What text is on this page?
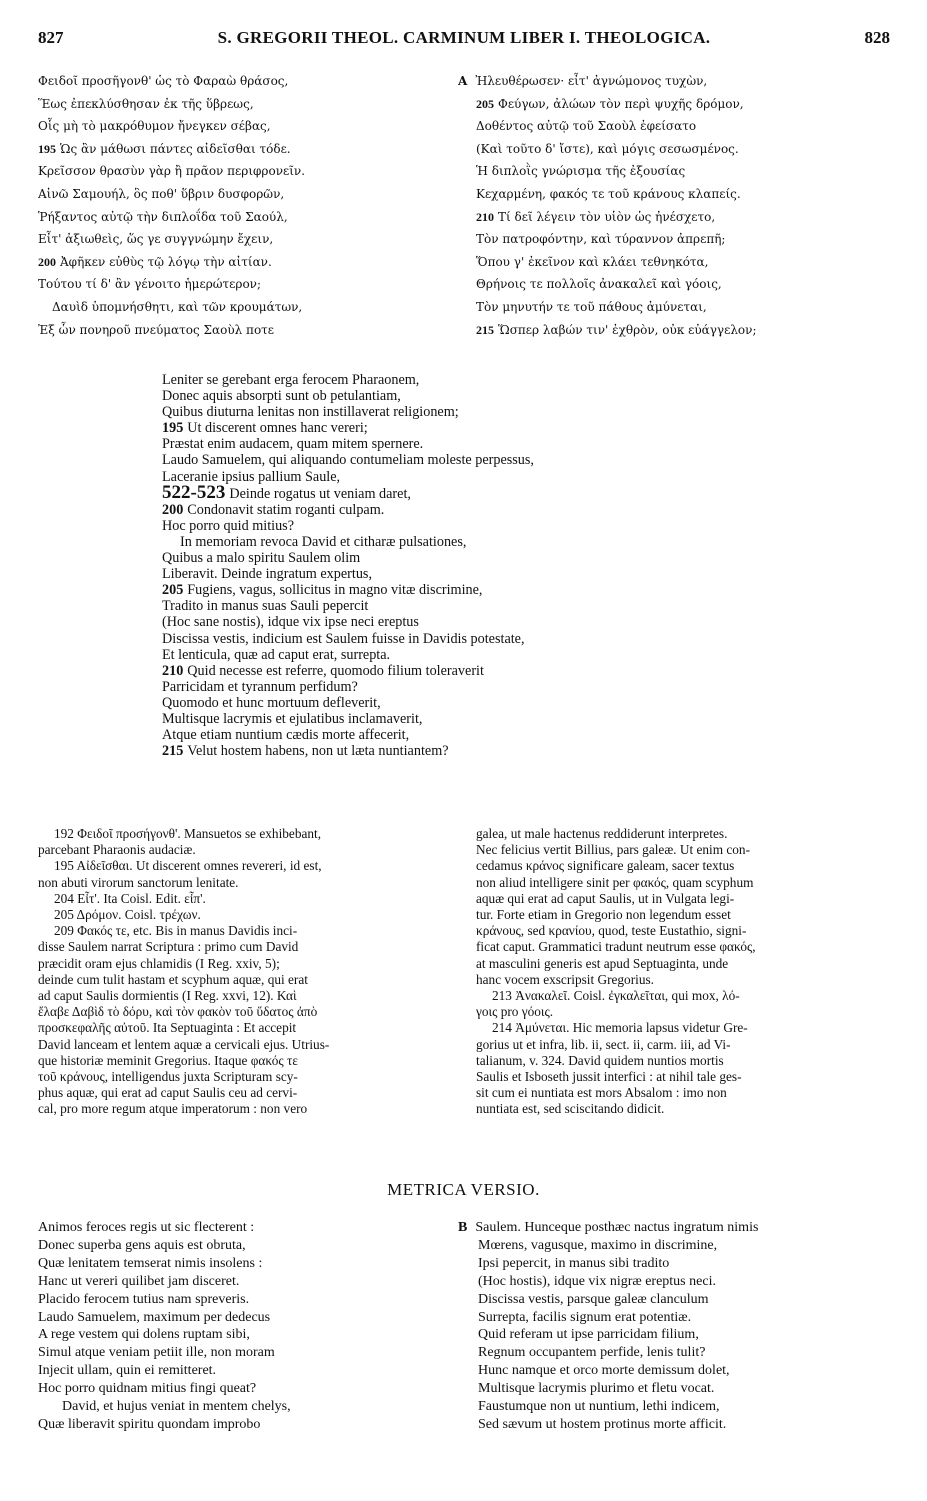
827	S. GREGORII THEOL. CARMINUM LIBER I. THEOLOGICA.	828
Φειδοῖ προσῆγονθ' ὡς τὸ Φαραὼ θράσος,
Ἕως ἐπεκλύσθησαν ἐκ τῆς ὕβρεως,
Οἷς μὴ τὸ μακρόθυμον ἤνεγκεν σέβας,
195 Ὡς ἂν μάθωσι πάντες αἰδεῖσθαι τόδε.
Κρεῖσσον θρασὺν γὰρ ἢ πρᾶον περιφρονεῖν.
Αἰνῶ Σαμουήλ, ὃς ποθ' ὕβριν δυσφορῶν,
Ῥήξαντος αὐτῷ τὴν διπλοΐδα τοῦ Σαούλ,
Εἶτ' ἀξιωθεὶς, ὥς γε συγγνώμην ἔχειν,
200 Ἀφῆκεν εὐθὺς τῷ λόγῳ τὴν αἰτίαν.
Τούτου τί δ' ἂν γένοιτο ἡμερώτερον;
Δαυὶδ ὑπομνήσθητι, καὶ τῶν κρουμάτων,
Ἐξ ὧν πονηροῦ πνεύματος Σαοὺλ ποτε
A Ἠλευθέρωσεν· εἶτ' ἀγνώμονος τυχὼν,
205 Φεύγων, ἀλώων τὸν περὶ ψυχῆς δρόμον,
Δοθέντος αὐτῷ τοῦ Σαοὺλ ἐφείσατο
(Καὶ τοῦτο δ' ἴστε), καὶ μόγις σεσωσμένος.
Ἡ διπλοῒς γνώρισμα τῆς ἐξουσίας
Κεχαρμένη, φακός τε τοῦ κράνους κλαπείς.
210 Τί δεῖ λέγειν τὸν υἱὸν ὡς ἠνέσχετο,
Τὸν πατροφόντην, καὶ τύραννον ἀπρεπῆ;
Ὅπου γ' ἐκεῖνον καὶ κλάει τεθνηκότα,
Θρήνοις τε πολλοῖς ἀνακαλεῖ καὶ γόοις,
Τὸν μηνυτήν τε τοῦ πάθους ἀμύνεται,
215 Ὥσπερ λαβών τιν' ἐχθρὸν, οὐκ εὐάγγελον;
Leniter se gerebant erga ferocem Pharaonem,
Donec aquis absorpti sunt ob petulantiam,
Quibus diuturna lenitas non instillaverat religionem;
195 Ut discerent omnes hanc vereri;
Præstat enim audacem, quam mitem spernere.
Laudo Samuelem, qui aliquando contumeliam moleste perpessus,
Laceranie ipsius pallium Saule,
522-523 Deinde rogatus ut veniam daret,
200 Condonavit statim roganti culpam.
Hoc porro quid mitius?
In memoriam revoca David et citharæ pulsationes,
Quibus a malo spiritu Saulem olim
Liberavit. Deinde ingratum expertus,
205 Fugiens, vagus, sollicitus in magno vitæ discrimine,
Tradito in manus suas Sauli pepercit
(Hoc sane nostis), idque vix ipse neci ereptus
Discissa vestis, indicium est Saulem fuisse in Davidis potestate,
Et lenticula, quæ ad caput erat, surrepta.
210 Quid necesse est referre, quomodo filium toleraverit
Parricidam et tyrannum perfidum?
Quomodo et hunc mortuum defleverit,
Multisque lacrymis et ejulatibus inclamaverit,
Atque etiam nuntium cædis morte affecerit,
215 Velut hostem habens, non ut læta nuntiantem?
192 Φειδοῖ προσήγονθ'. Mansuetos se exhibebant,
parcebant Pharaonis audaciæ.
195 Αἰδεῖσθαι. Ut discerent omnes revereri, id est,
non abuti virorum sanctorum lenitate.
204 Εἶτ'. Ita Coisl. Edit. εἶπ'.
205 Δρόμον. Coisl. τρέχων.
209 Φακός τε, etc. Bis in manus Davidis inci-
disse Saulem narrat Scriptura : primo cum David
præcidit oram ejus chlamidis (I Reg. xxiv, 5);
deinde cum tulit hastam et scyphum aquæ, qui erat
ad caput Saulis dormientis (I Reg. xxvi, 12). Καὶ
ἔλαβε Δαβὶδ τὸ δόρυ, καὶ τὸν φακὸν τοῦ ὕδατος ἀπὸ
προσκεφαλῆς αὐτοῦ. Ita Septuaginta : Et accepit
David lanceam et lentem aquæ a cervicali ejus. Utrius-
que historiæ meminit Gregorius. Itaque φακός τε
τοῦ κράνους, intelligendus juxta Scripturam scy-
phus aquæ, qui erat ad caput Saulis ceu ad cervi-
cal, pro more regum atque imperatorum : non vero
galea, ut male hactenus reddiderunt interpretes.
Nec felicius vertit Billius, pars galeæ. Ut enim con-
cedamus κράνος significare galeam, sacer textus
non aliud intelligere sinit per φακός, quam scyphum
aquæ qui erat ad caput Saulis, ut in Vulgata legi-
tur. Forte etiam in Gregorio non legendum esset
κράνους, sed κρανίου, quod, teste Eustathio, signi-
ficat caput. Grammatici tradunt neutrum esse φακός,
at masculini generis est apud Septuaginta, unde
hanc vocem exscripsit Gregorius.
213 Ἀνακαλεῖ. Coisl. ἐγκαλεῖται, qui mox, λό-
γοις pro γόοις.
214 Ἀμύνεται. Hic memoria lapsus videtur Gre-
gorius ut et infra, lib. ii, sect. ii, carm. iii, ad Vi-
talianum, v. 324. David quidem nuntios mortis
Saulis et Isboseth jussit interfici : at nihil tale ges-
sit cum ei nuntiata est mors Absalom : imo non
nuntiata est, sed sciscitando didicit.
METRICA VERSIO.
Animos feroces regis ut sic flecterent :
Donec superba gens aquis est obruta,
Quæ lenitatem temserat nimis insolens :
Hanc ut vereri quilibet jam disceret.
Placido ferocem tutius nam spreveris.
Laudo Samuelem, maximum per dedecus
A rege vestem qui dolens ruptam sibi,
Simul atque veniam petiit ille, non moram
Injecit ullam, quin ei remitteret.
Hoc porro quidnam mitius fingi queat?
David, et hujus veniat in mentem chelys,
Quæ liberavit spiritu quondam improbo
B Saulem. Hunceque posthæc nactus ingratum nimis
Mœrens, vagusque, maximo in discrimine,
Ipsi pepercit, in manus sibi tradito
(Hoc hostis), idque vix nigræ ereptus neci.
Discissa vestis, parsque galeæ clanculum
Surrepta, facilis signum erat potentiæ.
Quid referam ut ipse parricidam filium,
Regnum occupantem perfide, lenis tulit?
Hunc namque et orco morte demissum dolet,
Multisque lacrymis plurimo et fletu vocat.
Faustumque non ut nuntium, lethi indicem,
Sed sævum ut hostem protinus morte afficit.
